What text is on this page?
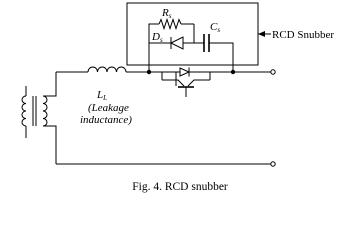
Rs
Cs
Ds
LL
(Leakage
inductance)
RCD Snubber
Fig. 4. RCD snubber
